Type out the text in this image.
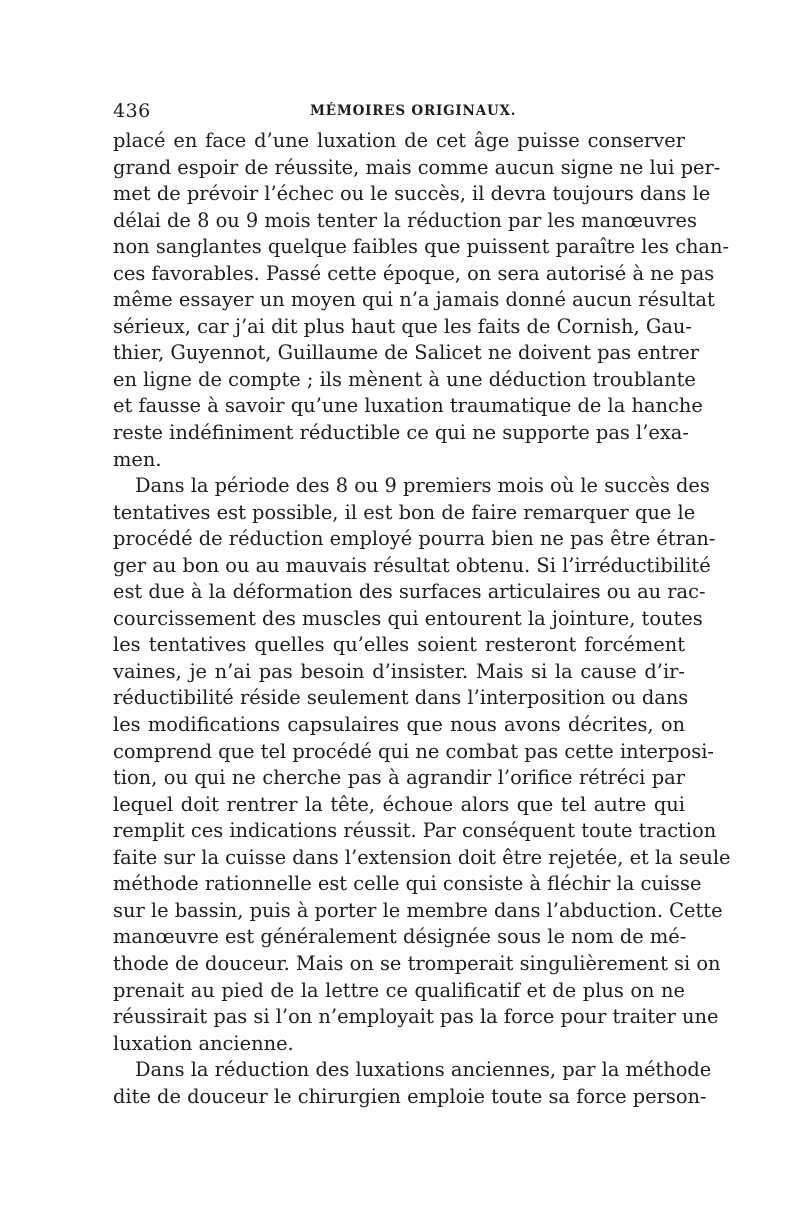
436	MÉMOIRES ORIGINAUX.
placé en face d’une luxation de cet âge puisse conserver
grand espoir de réussite, mais comme aucun signe ne lui per-
met de prévoir l’échec ou le succès, il devra toujours dans le
délai de 8 ou 9 mois tenter la réduction par les manœuvres
non sanglantes quelque faibles que puissent paraître les chan-
ces favorables. Passé cette époque, on sera autorisé à ne pas
même essayer un moyen qui n’a jamais donné aucun résultat
sérieux, car j’ai dit plus haut que les faits de Cornish, Gau-
thier, Guyennot, Guillaume de Salicet ne doivent pas entrer
en ligne de compte ; ils mènent à une déduction troublante
et fausse à savoir qu’une luxation traumatique de la hanche
reste indéfiniment réductible ce qui ne supporte pas l’exa-
men.
Dans la période des 8 ou 9 premiers mois où le succès des
tentatives est possible, il est bon de faire remarquer que le
procédé de réduction employé pourra bien ne pas être étran-
ger au bon ou au mauvais résultat obtenu. Si l’irréductibilité
est due à la déformation des surfaces articulaires ou au rac-
courcissement des muscles qui entourent la jointure, toutes
les tentatives quelles qu’elles soient resteront forcément
vaines, je n’ai pas besoin d’insister. Mais si la cause d’ir-
réductibilité réside seulement dans l’interposition ou dans
les modifications capsulaires que nous avons décrites, on
comprend que tel procédé qui ne combat pas cette interposi-
tion, ou qui ne cherche pas à agrandir l’orifice rétréci par
lequel doit rentrer la tête, échoue alors que tel autre qui
remplit ces indications réussit. Par conséquent toute traction
faite sur la cuisse dans l’extension doit être rejetée, et la seule
méthode rationnelle est celle qui consiste à fléchir la cuisse
sur le bassin, puis à porter le membre dans l’abduction. Cette
manœuvre est généralement désignée sous le nom de mé-
thode de douceur. Mais on se tromperait singulièrement si on
prenait au pied de la lettre ce qualificatif et de plus on ne
réussirait pas si l’on n’employait pas la force pour traiter une
luxation ancienne.
Dans la réduction des luxations anciennes, par la méthode
dite de douceur le chirurgien emploie toute sa force person-
